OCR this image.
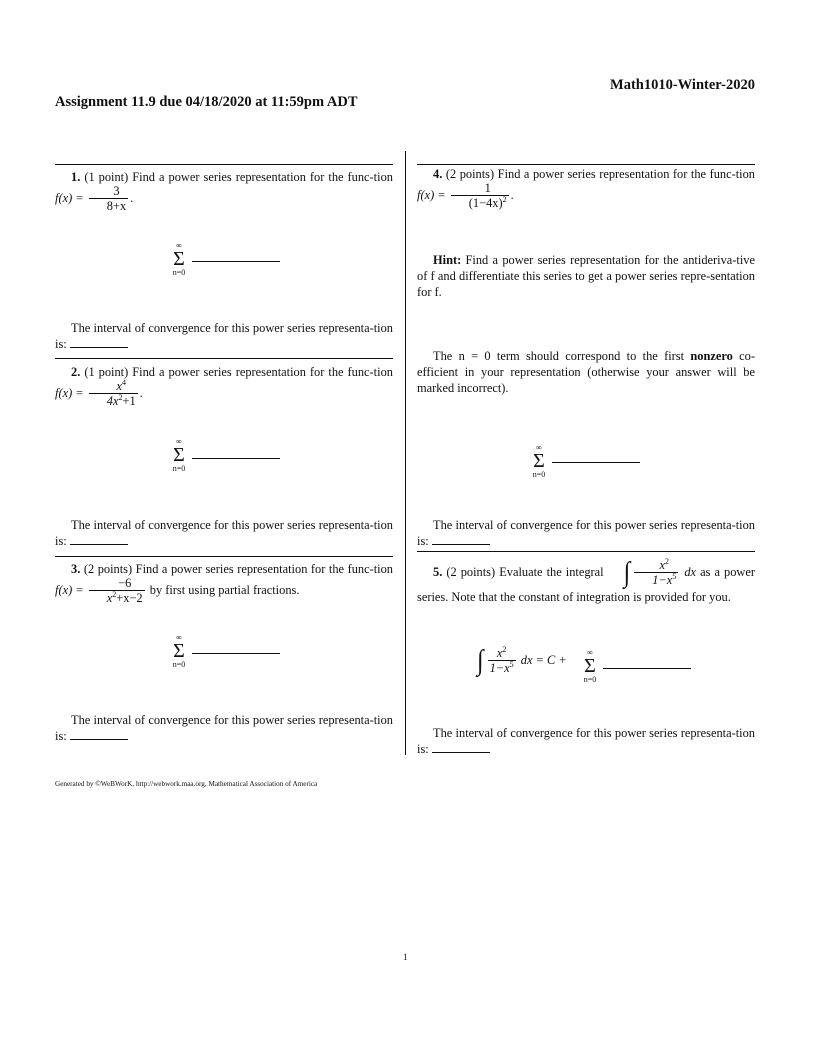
Math1010-Winter-2020
Assignment 11.9 due 04/18/2020 at 11:59pm ADT
1. (1 point) Find a power series representation for the func-tion $f(x) = \frac{3}{8+x}$ .
∞
Σ
n=0
The interval of convergence for this power series representa-tion is:
2. (1 point) Find a power series representation for the func-tion $f(x) = \frac{x^4}{4x^2+1}$ .
∞
Σ
n=0
The interval of convergence for this power series representa-tion is:
3. (2 points) Find a power series representation for the func-tion $f(x) = \frac{-6}{x^2+x-2}$ by first using partial fractions.
∞
Σ
n=0
The interval of convergence for this power series representa-tion is:
4. (2 points) Find a power series representation for the func-tion $f(x) = \frac{1}{(1-4x)^2}$ .
Hint: Find a power series representation for the antideriva-tive of f and differentiate this series to get a power series repre-sentation for f.
The n = 0 term should correspond to the first nonzero co-efficient in your representation (otherwise your answer will be marked incorrect).
∞
Σ
n=0
The interval of convergence for this power series representa-tion is:
5. (2 points) Evaluate the integral ∫ $\frac{x^2}{1-x^5}$ dx as a power series. Note that the constant of integration is provided for you.
∫ $\frac{x^2}{1-x^5}$ dx = C +
∞
Σ
n=0
The interval of convergence for this power series representa-tion is:
Generated by ©WeBWorK, http://webwork.maa.org, Mathematical Association of America
1
